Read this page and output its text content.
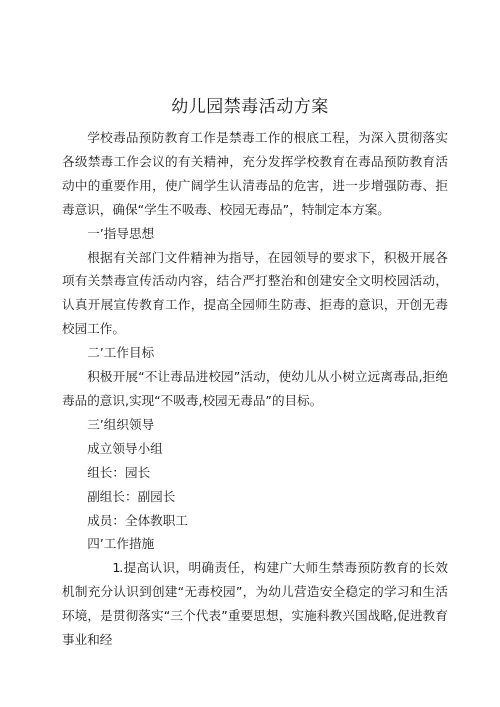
幼儿园禁毒活动方案

学校毒品预防教育工作是禁毒工作的根底工程，为深入贯彻落实各级禁毒工作会议的有关精神，充分发挥学校教育在毒品预防教育活动中的重要作用，使广阔学生认清毒品的危害，进一步增强防毒、拒毒意识，确保“学生不吸毒、校园无毒品”，特制定本方案。

一’指导思想

根据有关部门文件精神为指导，在园领导的要求下，积极开展各项有关禁毒宣传活动内容，结合严打整治和创建安全文明校园活动，认真开展宣传教育工作，提高全园师生防毒、拒毒的意识，开创无毒校园工作。

二’工作目标

积极开展“不让毒品进校园”活动，使幼儿从小树立远离毒品,拒绝毒品的意识,实现“不吸毒,校园无毒品”的目标。

三’组织领导

成立领导小组

组长：园长

副组长：副园长

成员：全体教职工

四’工作措施

1.提高认识，明确责任，构建广大师生禁毒预防教育的长效机制充分认识到创建“无毒校园”，为幼儿营造安全稳定的学习和生活环境，是贯彻落实“三个代表”重要思想，实施科教兴国战略,促进教育事业和经
